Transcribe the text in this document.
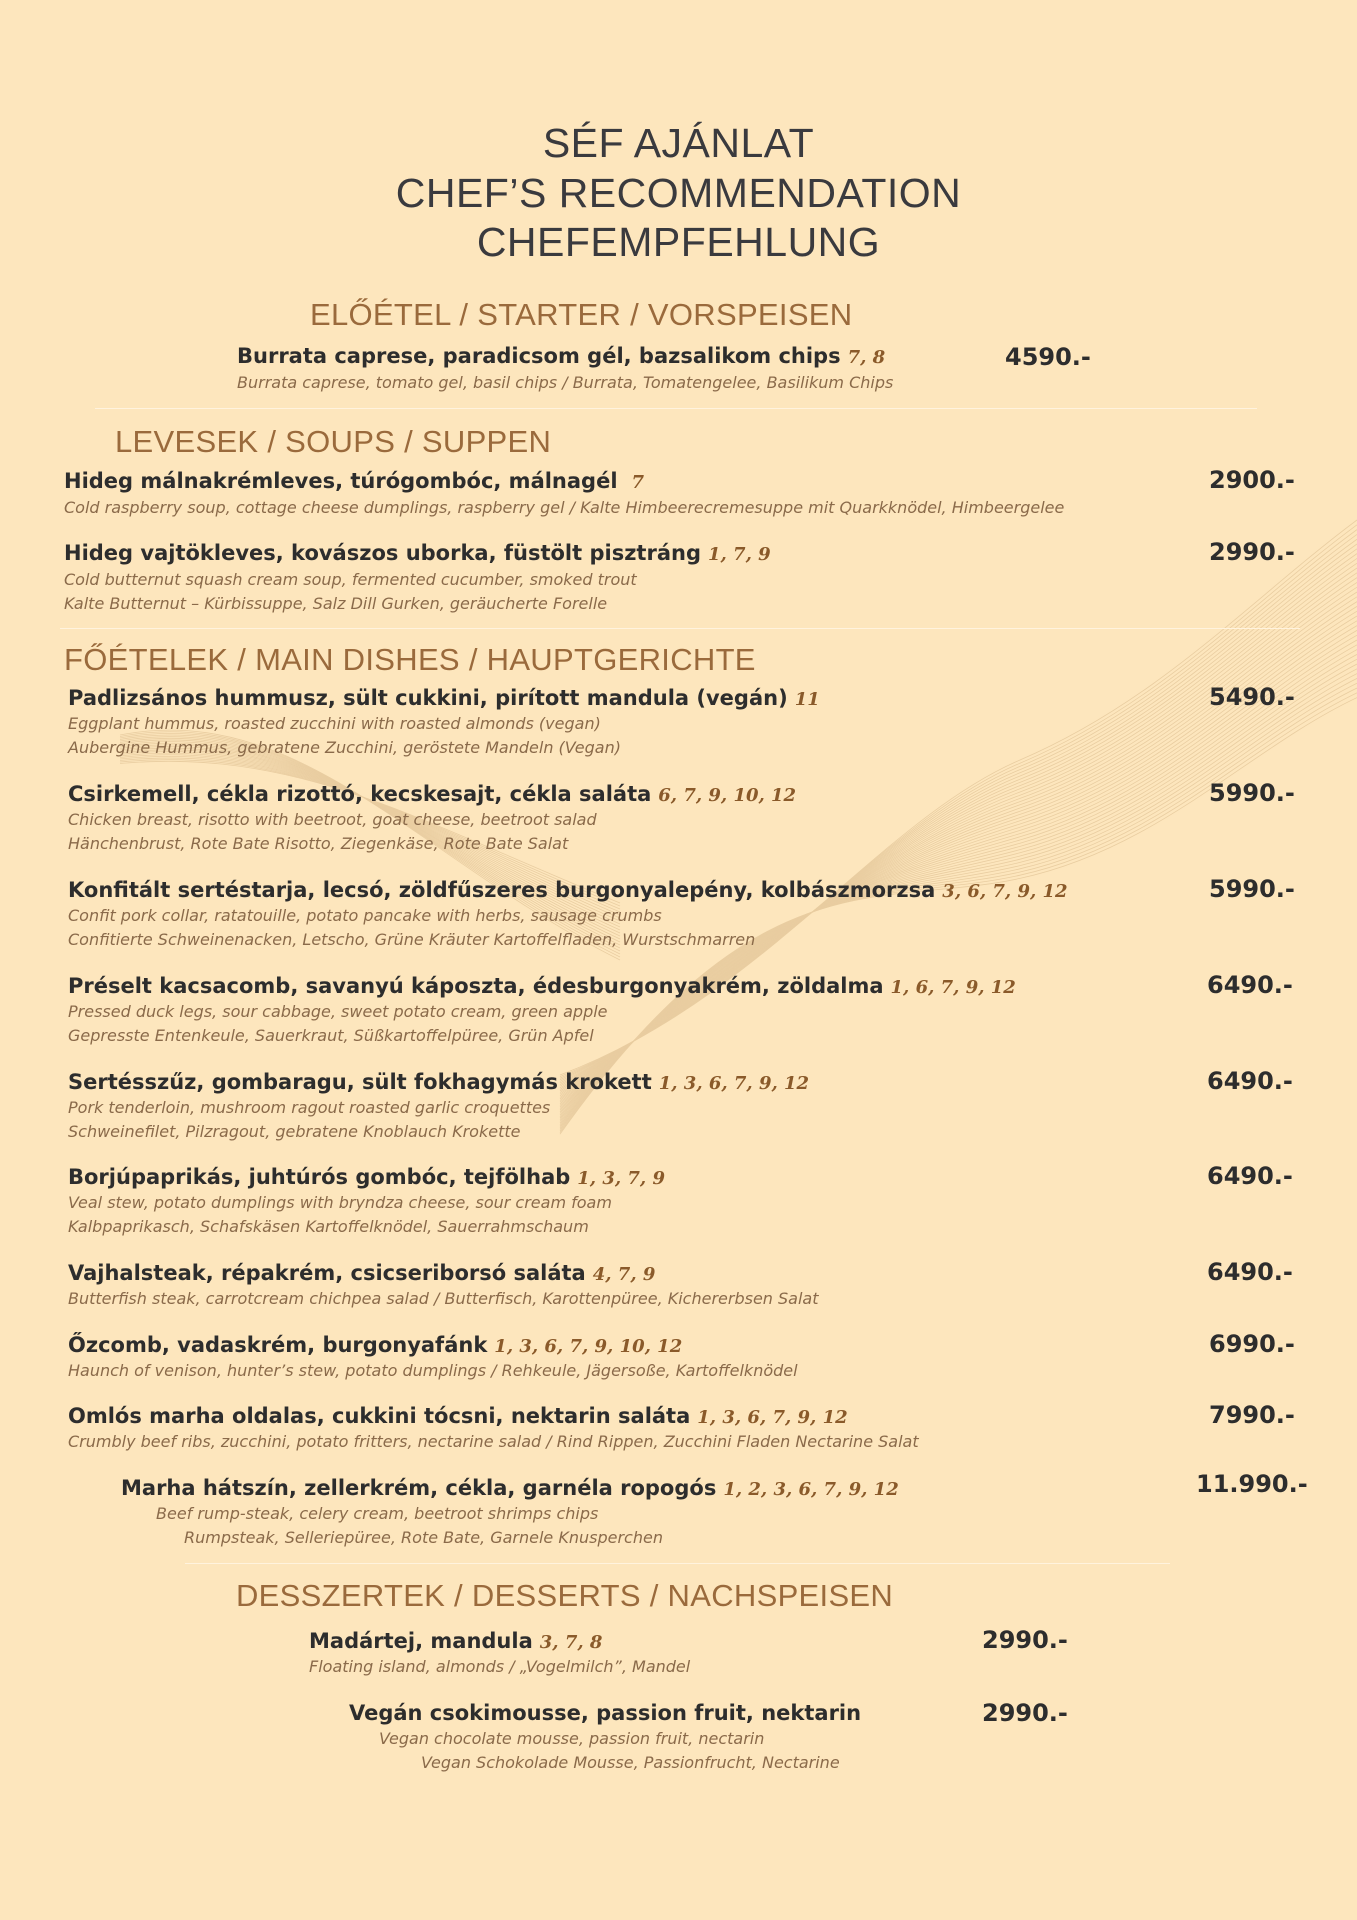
SÉF AJÁNLAT
CHEF’S RECOMMENDATION
CHEFEMPFEHLUNG
ELŐÉTEL / STARTER / VORSPEISEN
Burrata caprese, paradicsom gél, bazsalikom chips 7, 8	4590.-
Burrata caprese, tomato gel, basil chips / Burrata, Tomatengelee, Basilikum Chips
LEVESEK / SOUPS / SUPPEN
Hideg málnakrémleves, túrógombóc, málnagél 7	2900.-
Cold raspberry soup, cottage cheese dumplings, raspberry gel / Kalte Himbeerecremesuppe mit Quarkknödel, Himbeergelee
Hideg vajtökleves, kovászos uborka, füstölt pisztráng 1, 7, 9	2990.-
Cold butternut squash cream soup, fermented cucumber, smoked trout
Kalte Butternut – Kürbissuppe, Salz Dill Gurken, geräucherte Forelle
FŐÉTELEK / MAIN DISHES / HAUPTGERICHTE
Padlizsános hummusz, sült cukkini, pirított mandula (vegán) 11	5490.-
Eggplant hummus, roasted zucchini with roasted almonds (vegan)
Aubergine Hummus, gebratene Zucchini, geröstete Mandeln (Vegan)
Csirkemell, cékla rizottó, kecskesajt, cékla saláta 6, 7, 9, 10, 12	5990.-
Chicken breast, risotto with beetroot, goat cheese, beetroot salad
Hänchenbrust, Rote Bate Risotto, Ziegenkäse, Rote Bate Salat
Konfitált sertéstarja, lecsó, zöldfűszeres burgonyalepény, kolbászmorzsa 3, 6, 7, 9, 12	5990.-
Confit pork collar, ratatouille, potato pancake with herbs, sausage crumbs
Confitierte Schweinenacken, Letscho, Grüne Kräuter Kartoffelfladen, Wurstschmarren
Préselt kacsacomb, savanyú káposzta, édesburgonyakrém, zöldalma 1, 6, 7, 9, 12	6490.-
Pressed duck legs, sour cabbage, sweet potato cream, green apple
Gepresste Entenkeule, Sauerkraut, Süßkartoffelpüree, Grün Apfel
Sertésszűz, gombaragu, sült fokhagymás krokett 1, 3, 6, 7, 9, 12	6490.-
Pork tenderloin, mushroom ragout roasted garlic croquettes
Schweinefilet, Pilzragout, gebratene Knoblauch Krokette
Borjúpaprikás, juhtúrós gombóc, tejfölhab 1, 3, 7, 9	6490.-
Veal stew, potato dumplings with bryndza cheese, sour cream foam
Kalbpaprikasch, Schafskäsen Kartoffelknödel, Sauerrahmschaum
Vajhalsteak, répakrém, csicseriborsó saláta 4, 7, 9	6490.-
Butterfish steak, carrotcream chichpea salad / Butterfisch, Karottenpüree, Kichererbsen Salat
Őzcomb, vadaskrém, burgonyafánk 1, 3, 6, 7, 9, 10, 12	6990.-
Haunch of venison, hunter’s stew, potato dumplings / Rehkeule, Jägersoße, Kartoffelknödel
Omlós marha oldalas, cukkini tócsni, nektarin saláta 1, 3, 6, 7, 9, 12	7990.-
Crumbly beef ribs, zucchini, potato fritters, nectarine salad / Rind Rippen, Zucchini Fladen Nectarine Salat
Marha hátszín, zellerkrém, cékla, garnéla ropogós 1, 2, 3, 6, 7, 9, 12	11.990.-
Beef rump-steak, celery cream, beetroot shrimps chips
Rumpsteak, Selleriepüree, Rote Bate, Garnele Knusperchen
DESSZERTEK / DESSERTS / NACHSPEISEN
Madártej, mandula 3, 7, 8	2990.-
Floating island, almonds / „Vogelmilch”, Mandel
Vegán csokimousse, passion fruit, nektarin	2990.-
Vegan chocolate mousse, passion fruit, nectarin
Vegan Schokolade Mousse, Passionfrucht, Nectarine
